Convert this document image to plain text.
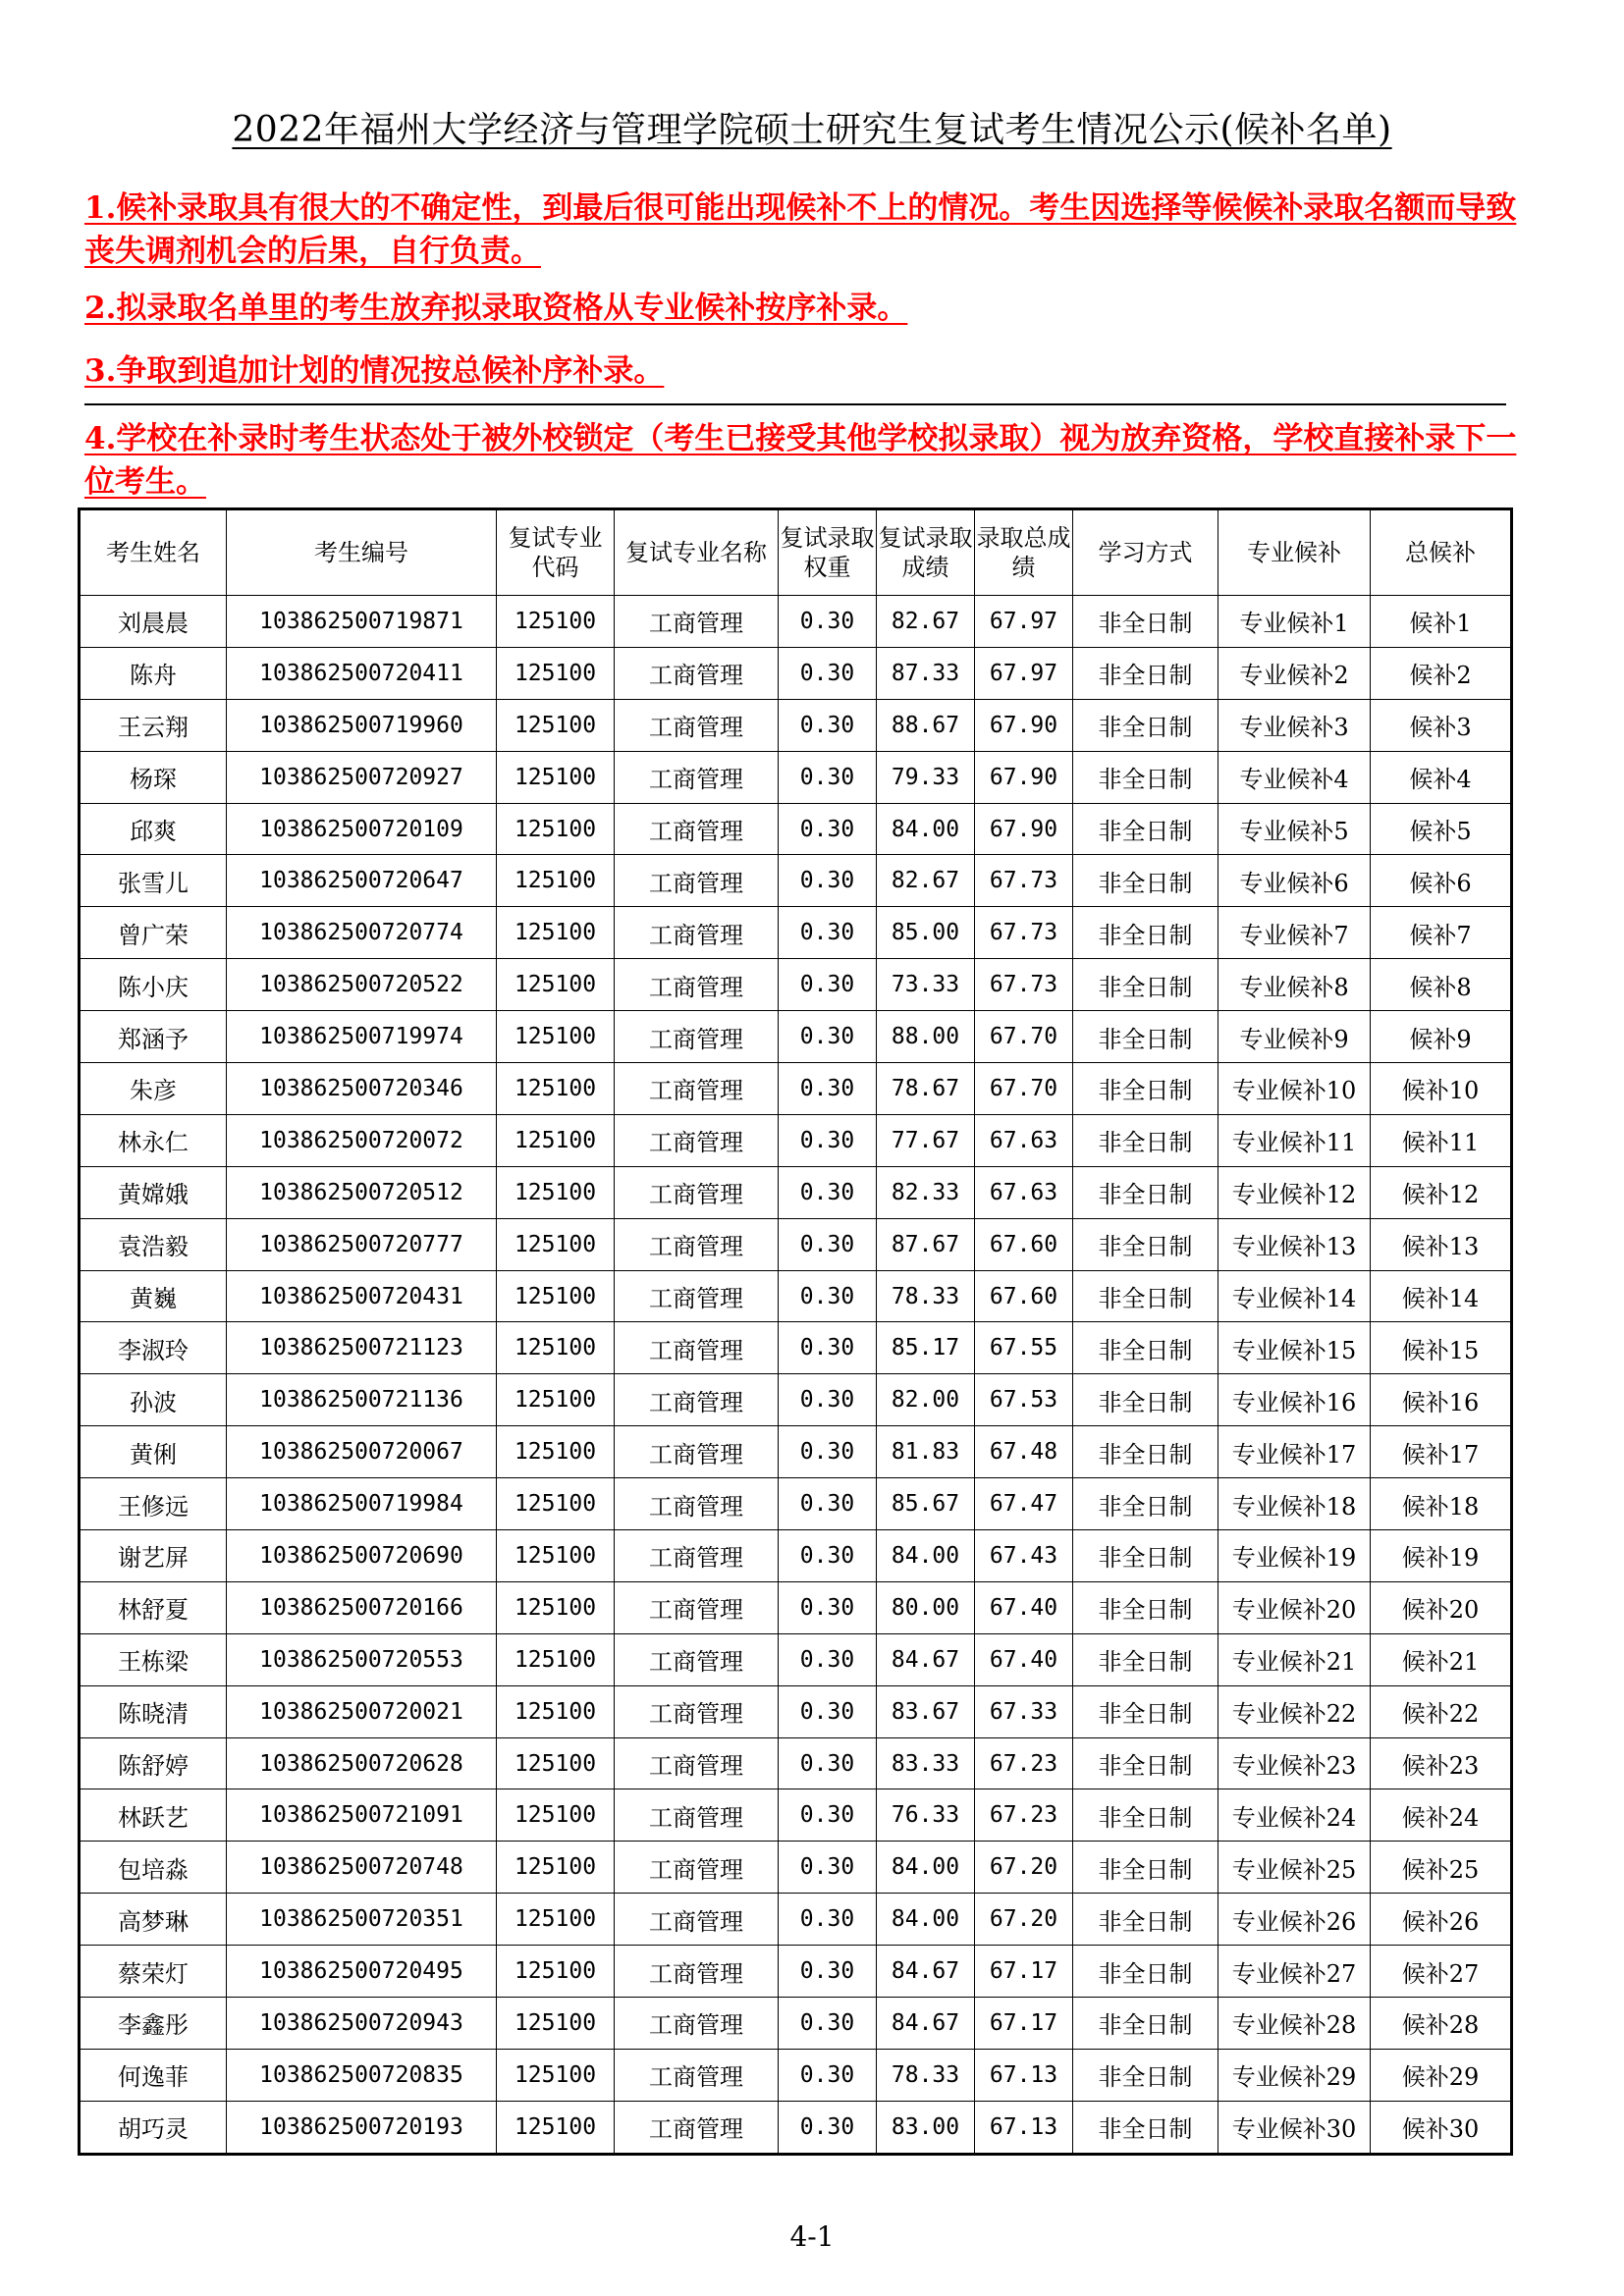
2022年福州大学经济与管理学院硕士研究生复试考生情况公示(候补名单)
1.候补录取具有很大的不确定性，到最后很可能出现候补不上的情况。考生因选择等候候补录取名额而导致丧失调剂机会的后果，自行负责。
2.拟录取名单里的考生放弃拟录取资格从专业候补按序补录。
3.争取到追加计划的情况按总候补序补录。
4.学校在补录时考生状态处于被外校锁定（考生已接受其他学校拟录取）视为放弃资格，学校直接补录下一位考生。
考生姓名	考生编号	复试专业代码	复试专业名称	复试录取权重	复试录取成绩	录取总成绩	学习方式	专业候补	总候补
刘晨晨	103862500719871	125100	工商管理	0.30	82.67	67.97	非全日制	专业候补1	候补1
陈舟	103862500720411	125100	工商管理	0.30	87.33	67.97	非全日制	专业候补2	候补2
王云翔	103862500719960	125100	工商管理	0.30	88.67	67.90	非全日制	专业候补3	候补3
杨琛	103862500720927	125100	工商管理	0.30	79.33	67.90	非全日制	专业候补4	候补4
邱爽	103862500720109	125100	工商管理	0.30	84.00	67.90	非全日制	专业候补5	候补5
张雪儿	103862500720647	125100	工商管理	0.30	82.67	67.73	非全日制	专业候补6	候补6
曾广荣	103862500720774	125100	工商管理	0.30	85.00	67.73	非全日制	专业候补7	候补7
陈小庆	103862500720522	125100	工商管理	0.30	73.33	67.73	非全日制	专业候补8	候补8
郑涵予	103862500719974	125100	工商管理	0.30	88.00	67.70	非全日制	专业候补9	候补9
朱彦	103862500720346	125100	工商管理	0.30	78.67	67.70	非全日制	专业候补10	候补10
林永仁	103862500720072	125100	工商管理	0.30	77.67	67.63	非全日制	专业候补11	候补11
黄嫦娥	103862500720512	125100	工商管理	0.30	82.33	67.63	非全日制	专业候补12	候补12
袁浩毅	103862500720777	125100	工商管理	0.30	87.67	67.60	非全日制	专业候补13	候补13
黄巍	103862500720431	125100	工商管理	0.30	78.33	67.60	非全日制	专业候补14	候补14
李淑玲	103862500721123	125100	工商管理	0.30	85.17	67.55	非全日制	专业候补15	候补15
孙波	103862500721136	125100	工商管理	0.30	82.00	67.53	非全日制	专业候补16	候补16
黄俐	103862500720067	125100	工商管理	0.30	81.83	67.48	非全日制	专业候补17	候补17
王修远	103862500719984	125100	工商管理	0.30	85.67	67.47	非全日制	专业候补18	候补18
谢艺屏	103862500720690	125100	工商管理	0.30	84.00	67.43	非全日制	专业候补19	候补19
林舒夏	103862500720166	125100	工商管理	0.30	80.00	67.40	非全日制	专业候补20	候补20
王栋梁	103862500720553	125100	工商管理	0.30	84.67	67.40	非全日制	专业候补21	候补21
陈晓清	103862500720021	125100	工商管理	0.30	83.67	67.33	非全日制	专业候补22	候补22
陈舒婷	103862500720628	125100	工商管理	0.30	83.33	67.23	非全日制	专业候补23	候补23
林跃艺	103862500721091	125100	工商管理	0.30	76.33	67.23	非全日制	专业候补24	候补24
包培淼	103862500720748	125100	工商管理	0.30	84.00	67.20	非全日制	专业候补25	候补25
高梦琳	103862500720351	125100	工商管理	0.30	84.00	67.20	非全日制	专业候补26	候补26
蔡荣灯	103862500720495	125100	工商管理	0.30	84.67	67.17	非全日制	专业候补27	候补27
李鑫彤	103862500720943	125100	工商管理	0.30	84.67	67.17	非全日制	专业候补28	候补28
何逸菲	103862500720835	125100	工商管理	0.30	78.33	67.13	非全日制	专业候补29	候补29
胡巧灵	103862500720193	125100	工商管理	0.30	83.00	67.13	非全日制	专业候补30	候补30
4-1
